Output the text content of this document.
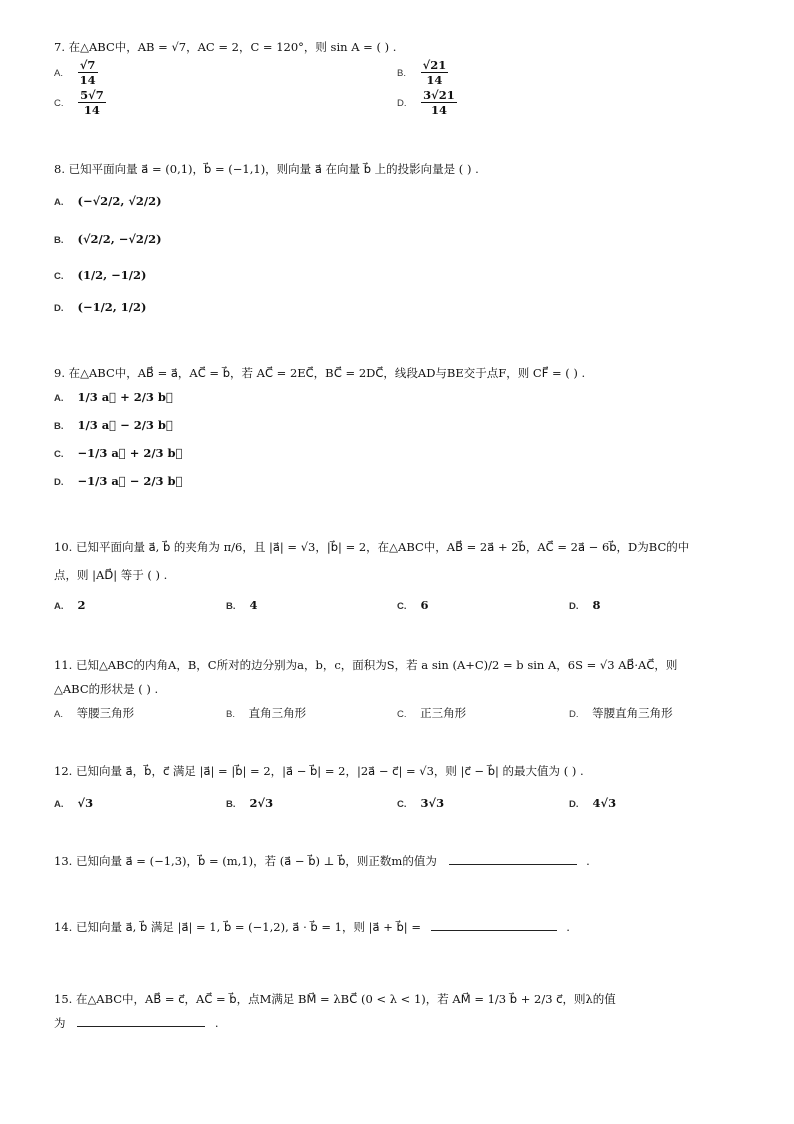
7. 在△ABC中，AB = √7，AC = 2，C = 120°，则 sin A = ( ) .
A. $\frac{√7}{14}$	B. $\frac{√21}{14}$
C. $\frac{5√7}{14}$	D. $\frac{3√21}{14}$
8. 已知平面向量 a⃗ = (0,1)，b⃗ = (−1,1)，则向量 a⃗ 在向量 b⃗ 上的投影向量是 ( ) .
A. (−√2/2, √2/2)
B. (√2/2, −√2/2)
C. (1/2, −1/2)
D. (−1/2, 1/2)
9. 在△ABC中，AB⃗ = a⃗，AC⃗ = b⃗，若 AC⃗ = 2EC⃗，BC⃗ = 2DC⃗，线段AD与BE交于点F，则 CF⃗ = ( ) .
A. 1/3 a⃗ + 2/3 b⃗
B. 1/3 a⃗ − 2/3 b⃗
C. −1/3 a⃗ + 2/3 b⃗
D. −1/3 a⃗ − 2/3 b⃗
10. 已知平面向量 a⃗, b⃗ 的夹角为 π/6，且 |a⃗| = √3，|b⃗| = 2，在△ABC中，AB⃗ = 2a⃗ + 2b⃗，AC⃗ = 2a⃗ − 6b⃗，D为BC的中
点，则 |AD⃗| 等于 ( ) .
A. 2	B. 4	C. 6	D. 8
11. 已知△ABC的内角A，B，C所对的边分别为a，b，c，面积为S，若 a sin (A+C)/2 = b sin A，6S = √3 AB⃗·AC⃗，则
△ABC的形状是 ( ) .
A. 等腰三角形	B. 直角三角形	C. 正三角形	D. 等腰直角三角形
12. 已知向量 a⃗，b⃗，c⃗ 满足 |a⃗| = |b⃗| = 2，|a⃗ − b⃗| = 2，|2a⃗ − c⃗| = √3，则 |c⃗ − b⃗| 的最大值为 ( ) .
A. √3	B. 2√3	C. 3√3	D. 4√3
13. 已知向量 a⃗ = (−1,3)，b⃗ = (m,1)，若 (a⃗ − b⃗) ⊥ b⃗，则正数m的值为	.
14. 已知向量 a⃗, b⃗ 满足 |a⃗| = 1, b⃗ = (−1,2), a⃗ · b⃗ = 1，则 |a⃗ + b⃗| =	.
15. 在△ABC中，AB⃗ = c⃗，AC⃗ = b⃗，点M满足 BM⃗ = λBC⃗ (0 < λ < 1)，若 AM⃗ = 1/3 b⃗ + 2/3 c⃗，则λ的值
为	.
